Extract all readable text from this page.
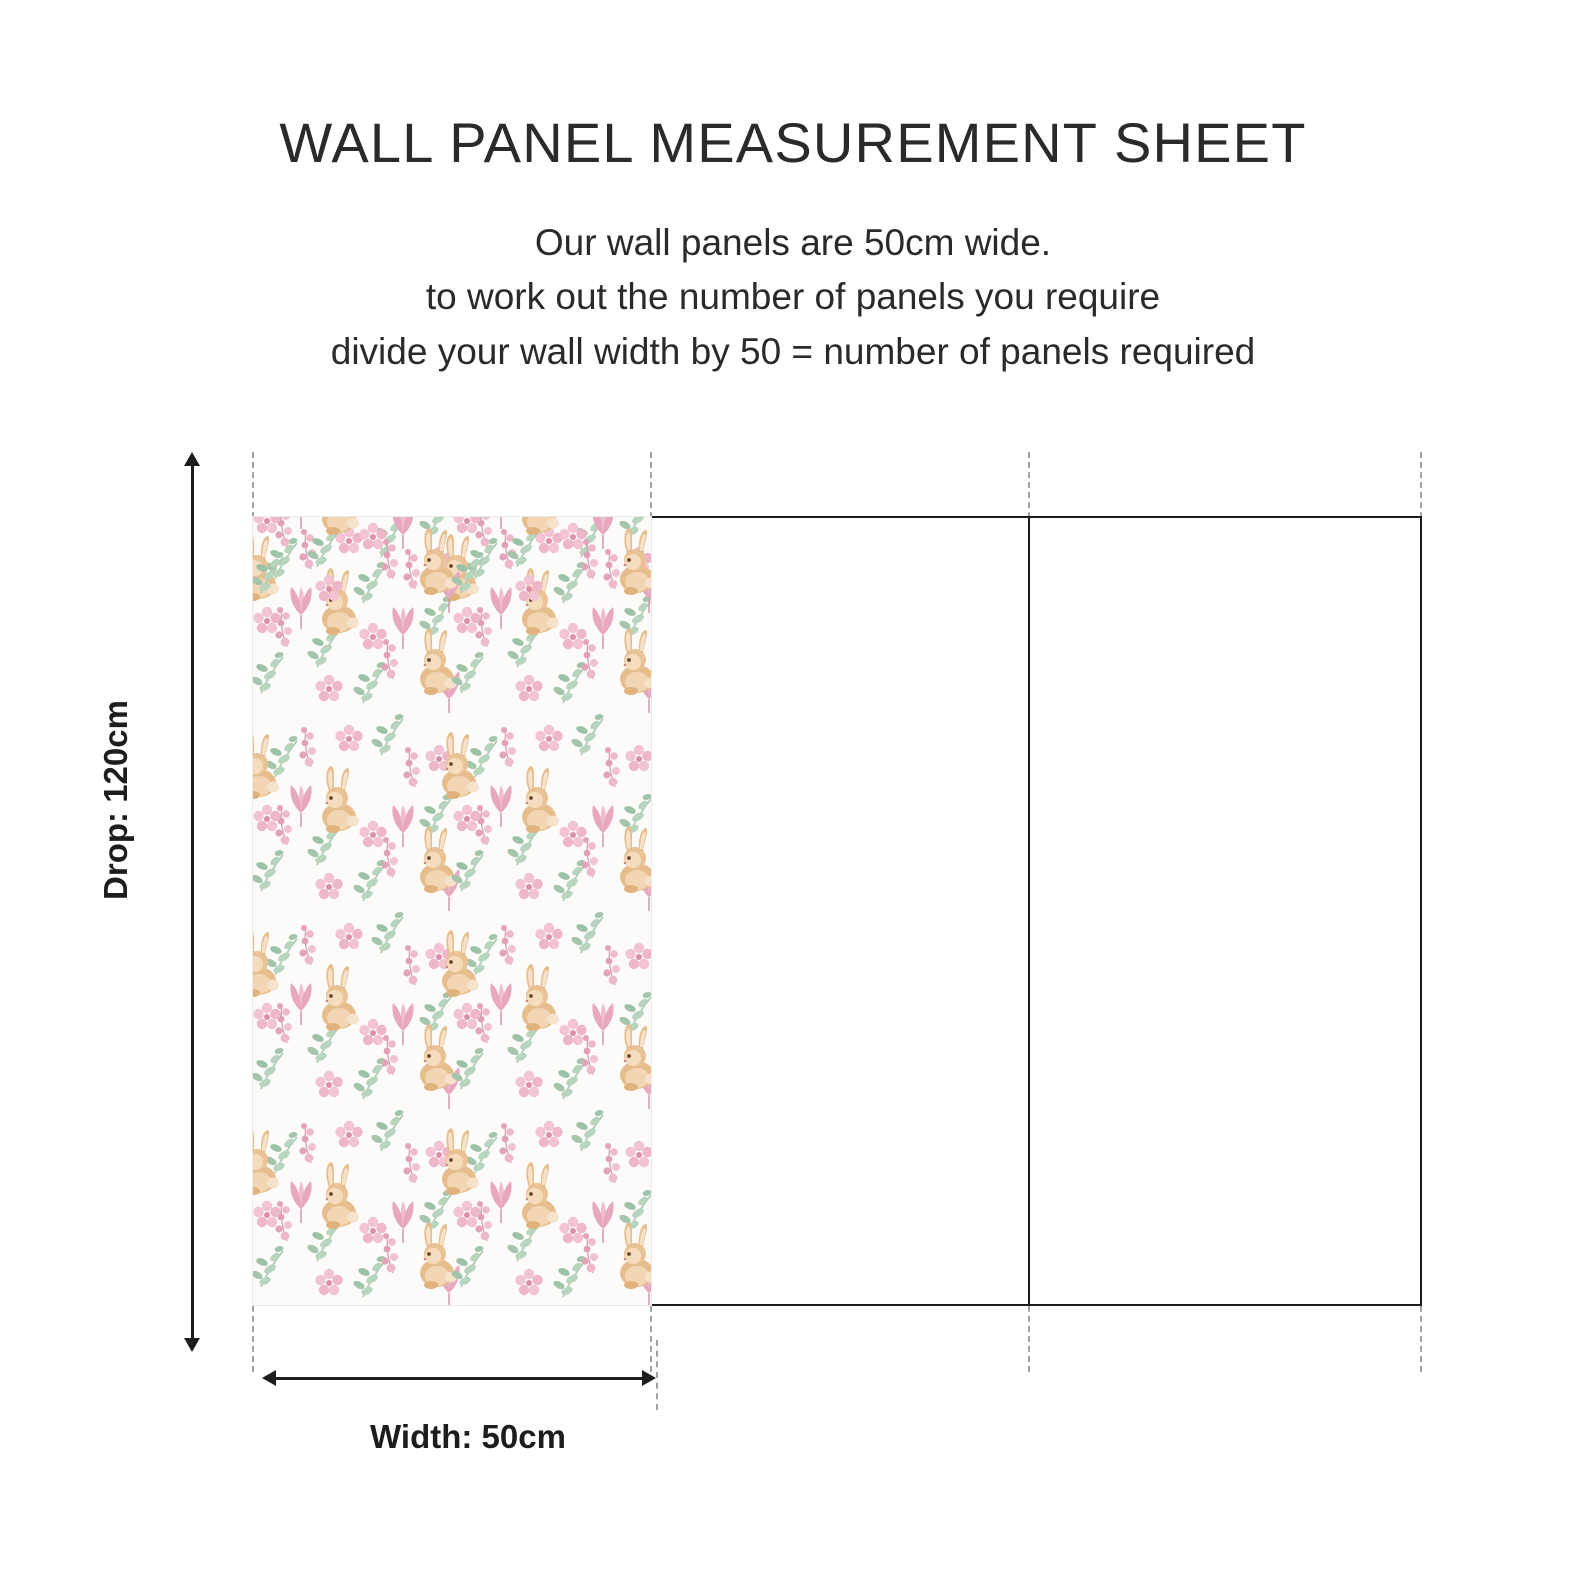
WALL PANEL MEASUREMENT SHEET
Our wall panels are 50cm wide.
to work out the number of panels you require
divide your wall width by 50 = number of panels required
Drop: 120cm
Width: 50cm
